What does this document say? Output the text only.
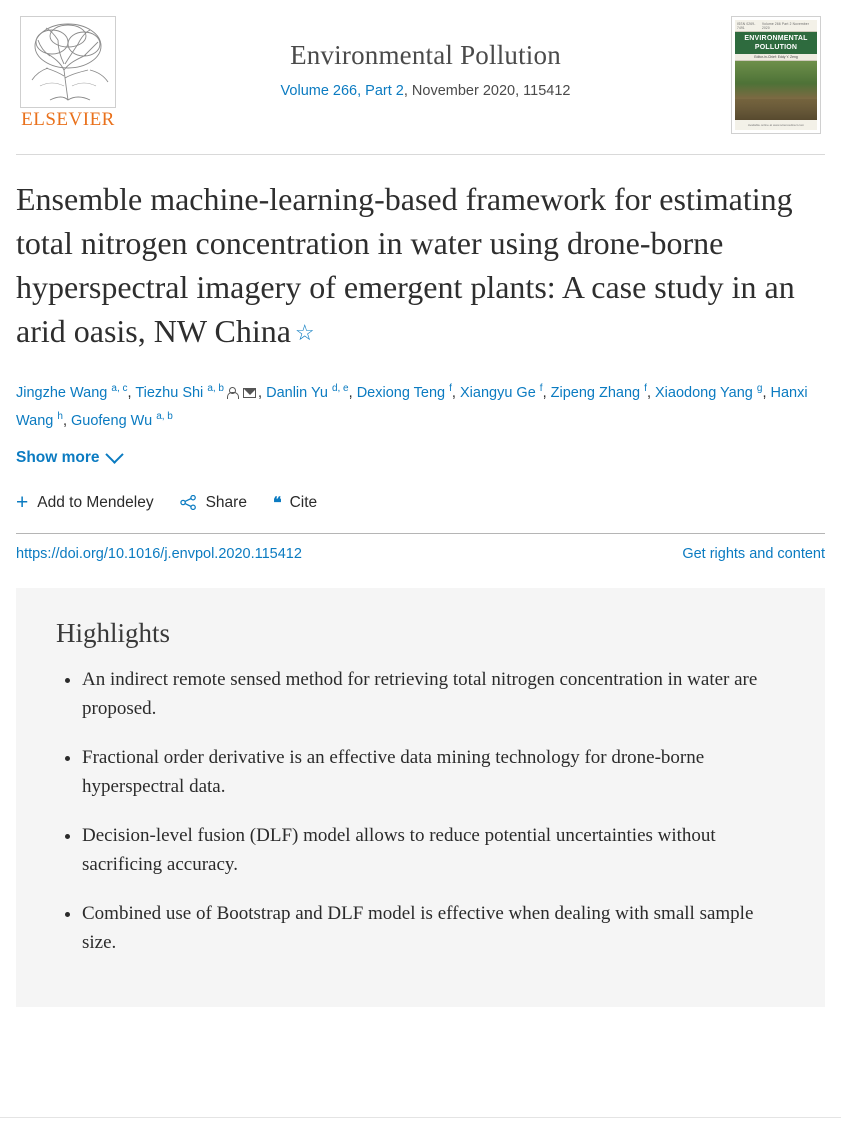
ELSEVIER
Environmental Pollution
Volume 266, Part 2, November 2020, 115412
ISSN 0269-7491
Volume 266 Part 2 November 2020
ENVIRONMENTAL
POLLUTION
Editor-in-Chief: Eddy Y. Zeng
Available online at www.sciencedirect.com
Ensemble machine-learning-based framework for estimating total nitrogen concentration in water using drone-borne hyperspectral imagery of emergent plants: A case study in an arid oasis, NW China ☆
Jingzhe Wang $^{a, c}$, Tiezhu Shi $^{a, b}$ , Danlin Yu $^{d, e}$, Dexiong Teng $^f$, Xiangyu Ge $^f$, Zipeng Zhang $^f$, Xiaodong Yang $^g$, Hanxi Wang $^h$, Guofeng Wu $^{a, b}$
Show more
+ Add to Mendeley	Share ❝ Cite
https://doi.org/10.1016/j.envpol.2020.115412	Get rights and content
Highlights
• An indirect remote sensed method for retrieving total nitrogen concentration in water are proposed.
• Fractional order derivative is an effective data mining technology for drone-borne hyperspectral data.
• Decision-level fusion (DLF) model allows to reduce potential uncertainties without sacrificing accuracy.
• Combined use of Bootstrap and DLF model is effective when dealing with small sample size.
